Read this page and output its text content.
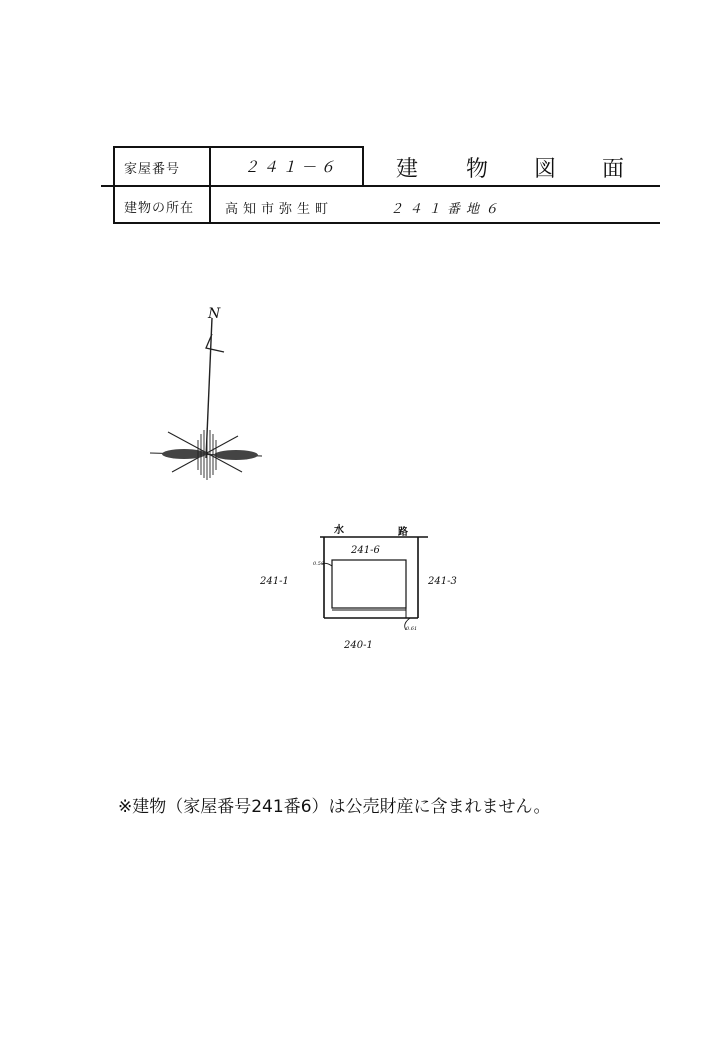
家屋番号	２４１－６	建 物 図 面
建物の所在 高知市弥生町	２４１番地６
N
水	路
241-6
241-1	241-3
240-1
0.50
0.61
※建物（家屋番号241番6）は公売財産に含まれません。
